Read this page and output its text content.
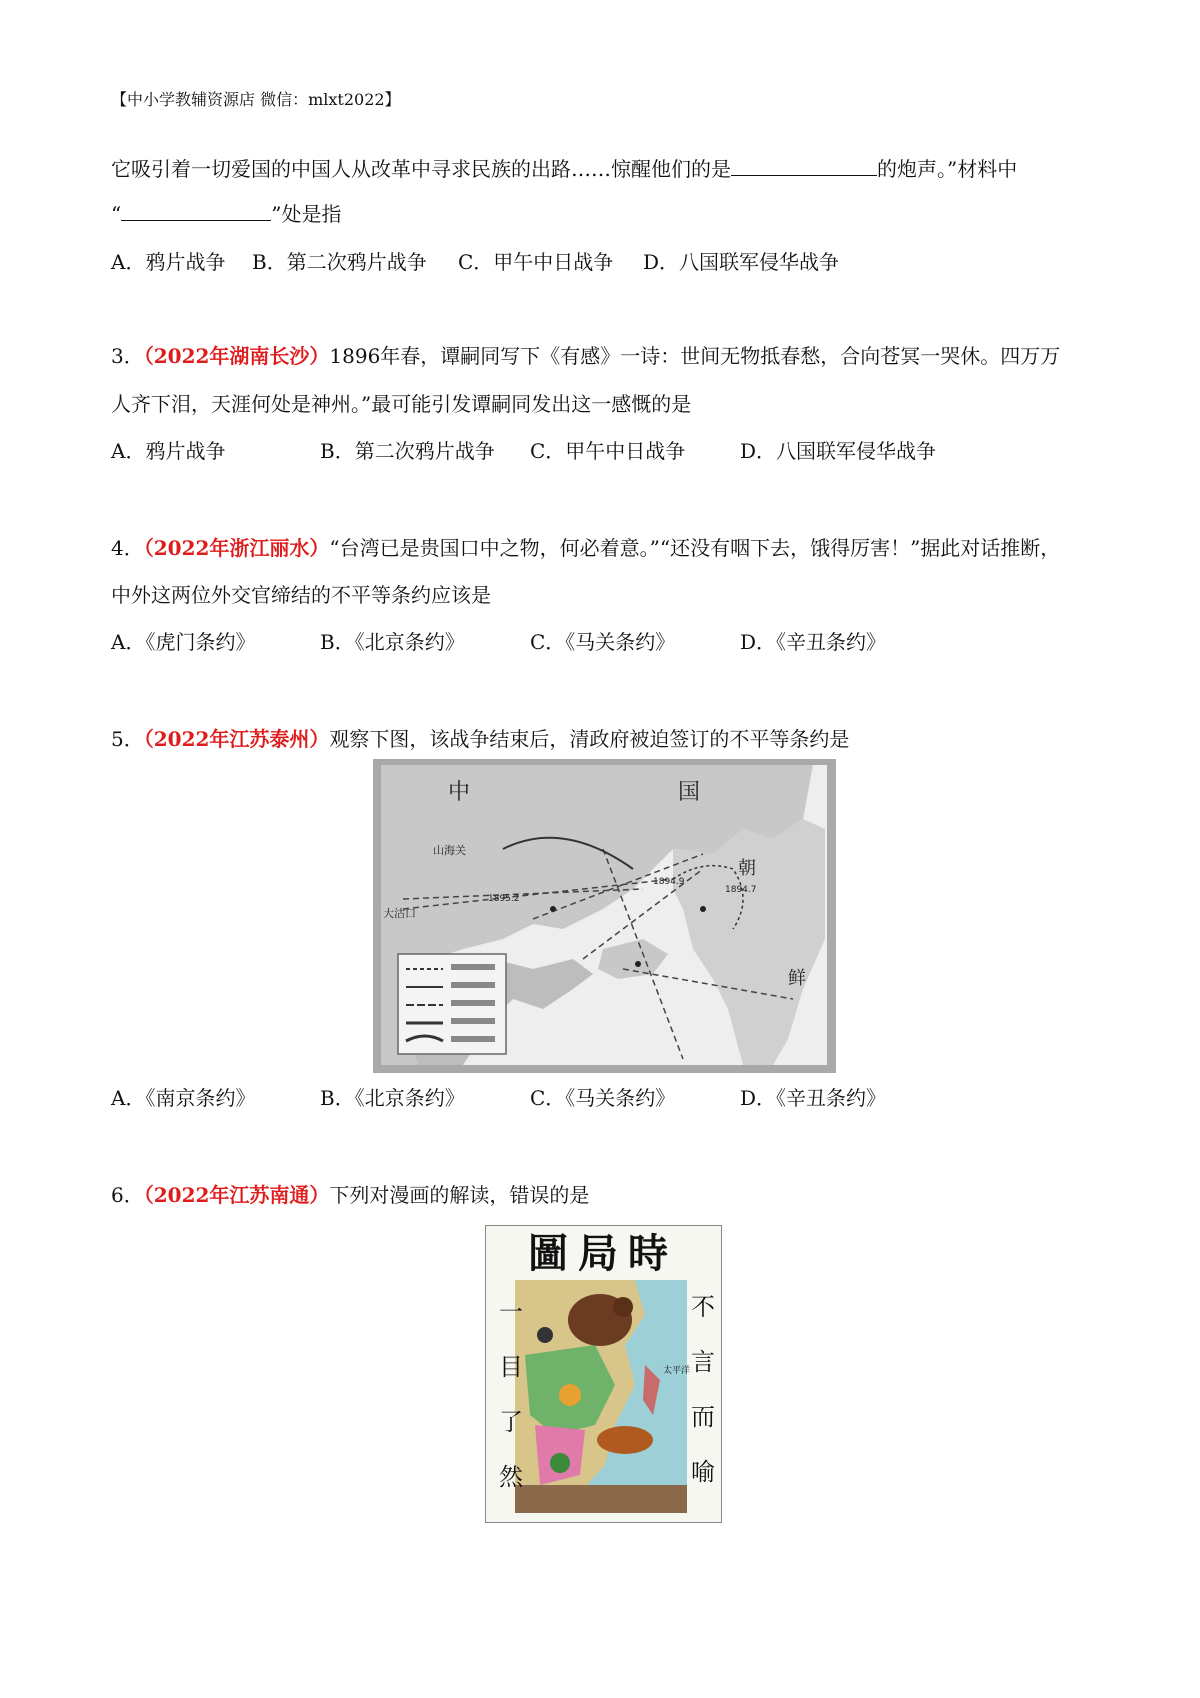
【中小学教辅资源店 微信：mlxt2022】
它吸引着一切爱国的中国人从改革中寻求民族的出路……惊醒他们的是	的炮声。”材料中
“	”处是指
A．鸦片战争 B．第二次鸦片战争 C．甲午中日战争 D．八国联军侵华战争
3．（2022年湖南长沙）1896年春，谭嗣同写下《有感》一诗：世间无物抵春愁，合向苍冥一哭休。四万万
人齐下泪，天涯何处是神州。”最可能引发谭嗣同发出这一感慨的是
A．鸦片战争	B．第二次鸦片战争 C．甲午中日战争	D．八国联军侵华战争
4．（2022年浙江丽水）“台湾已是贵国口中之物，何必着意。”“还没有咽下去，饿得厉害！”据此对话推断，
中外这两位外交官缔结的不平等条约应该是
A．《虎门条约》	B．《北京条约》	C．《马关条约》	D．《辛丑条约》
5．（2022年江苏泰州）观察下图，该战争结束后，清政府被迫签订的不平等条约是
中	国
朝
鲜
山海关
大沽口
1894.9
1894.7
1895.2
A．《南京条约》	B．《北京条约》	C．《马关条约》	D．《辛丑条约》
6．（2022年江苏南通）下列对漫画的解读，错误的是
圖局時
一
目
了
然
不
言
而
喻
太平洋
